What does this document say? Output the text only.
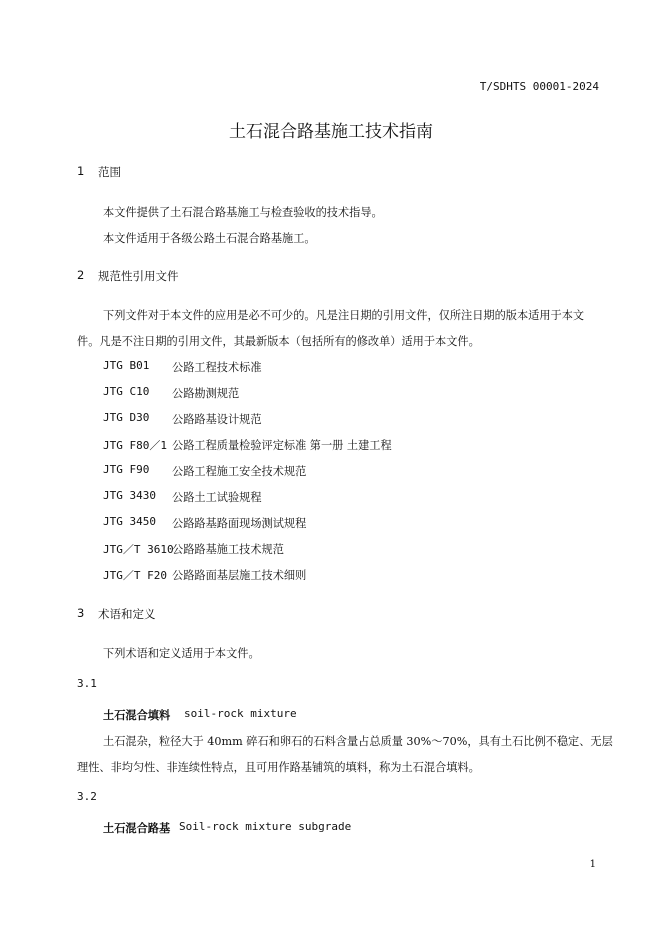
T/SDHTS 00001-2024
土石混合路基施工技术指南
1 范围
本文件提供了土石混合路基施工与检查验收的技术指导。
本文件适用于各级公路土石混合路基施工。
2 规范性引用文件
下列文件对于本文件的应用是必不可少的。凡是注日期的引用文件，仅所注日期的版本适用于本文
件。凡是不注日期的引用文件，其最新版本（包括所有的修改单）适用于本文件。
JTG B01 公路工程技术标准
JTG C10 公路勘测规范
JTG D30 公路路基设计规范
JTG F80／1 公路工程质量检验评定标准 第一册 土建工程
JTG F90 公路工程施工安全技术规范
JTG 3430 公路土工试验规程
JTG 3450 公路路基路面现场测试规程
JTG／T 3610
公路路基施工技术规范
JTG／T F20 公路路面基层施工技术细则
3 术语和定义
下列术语和定义适用于本文件。
3.1
土石混合填料 soil-rock mixture
土石混杂，粒径大于 40mm 碎石和卵石的石料含量占总质量 30%～70%，具有土石比例不稳定、无层
理性、非均匀性、非连续性特点，且可用作路基铺筑的填料，称为土石混合填料。
3.2
土石混合路基 Soil-rock mixture subgrade
1
